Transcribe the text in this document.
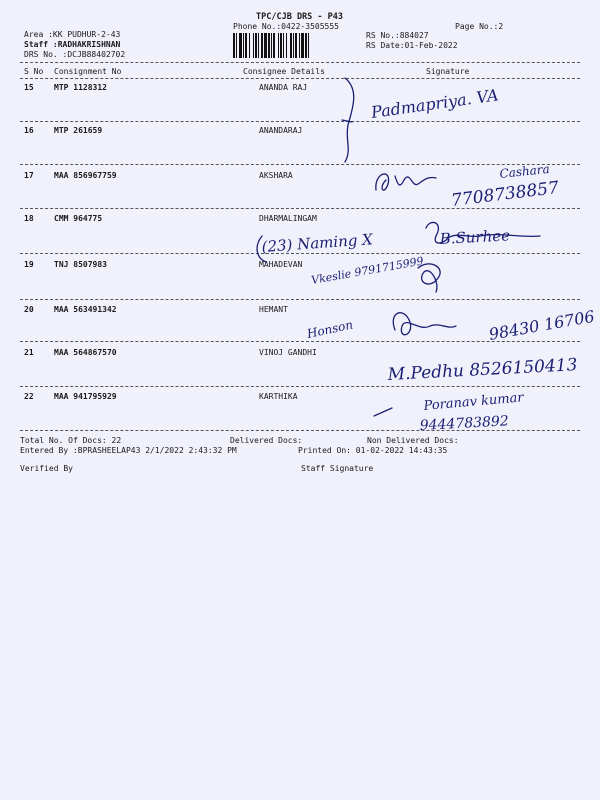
TPC/CJB DRS - P43
Phone No.:0422-3505555	Page No.:2
Area :KK PUDHUR-2-43
Staff :RADHAKRISHNAN
DRS No. :DCJB88402702
RS No.:884027
RS Date:01-Feb-2022
S No Consignment No	Consignee Details	Signature
15	MTP 1128312	ANANDA RAJ
16	MTP 261659	ANANDARAJ
17	MAA 856967759	AKSHARA
18	CMM 964775	DHARMALINGAM
19	TNJ 8507983	MAHADEVAN
20	MAA 563491342	HEMANT
21	MAA 564867570	VINOJ GANDHI
22	MAA 941795929	KARTHIKA
Total No. Of Docs: 22	Delivered Docs:	Non Delivered Docs:
Entered By :BPRASHEELAP43 2/1/2022 2:43:32 PM	Printed On: 01-02-2022 14:43:35
Verified By	Staff Signature
Padmapriya. VA
Cashara
7708738857
(23) Naming X	B.Surhee
Vkeslie 9791715999
Honson	98430 16706
M.Pedhu 8526150413
Poranav kumar
9444783892
